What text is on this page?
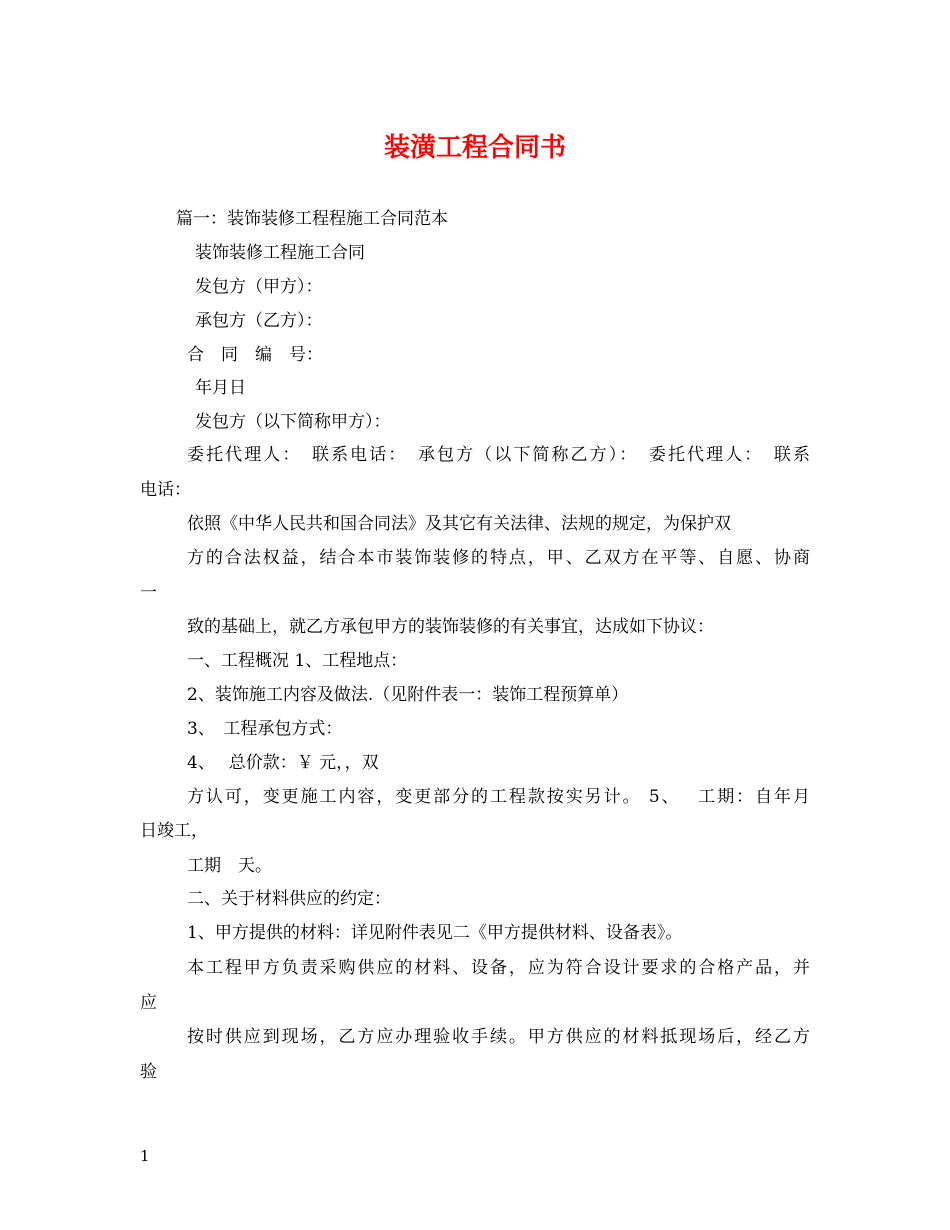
装潢工程合同书
篇一：装饰装修工程程施工合同范本
装饰装修工程施工合同
发包方（甲方）：
承包方（乙方）：
合　同　编　号：
年月日
发包方（以下简称甲方）：
委托代理人：　联系电话：　承包方（以下简称乙方）：　委托代理人：　联系
电话：
依照《中华人民共和国合同法》及其它有关法律、法规的规定，为保护双
方的合法权益，结合本市装饰装修的特点，甲、乙双方在平等、自愿、协商
一
致的基础上，就乙方承包甲方的装饰装修的有关事宜，达成如下协议：
一、工程概况 1、工程地点：
2、装饰施工内容及做法.（见附件表一：装饰工程预算单）
3、　工程承包方式：
4、　 总价款：￥ 元，，双
方认可，变更施工内容，变更部分的工程款按实另计。 5、　 工期：自年月
日竣工，
工期　天。
二、关于材料供应的约定：
1、甲方提供的材料：详见附件表见二《甲方提供材料、设备表》。
本工程甲方负责采购供应的材料、设备，应为符合设计要求的合格产品，并
应
按时供应到现场，乙方应办理验收手续。甲方供应的材料抵现场后，经乙方
验
1
